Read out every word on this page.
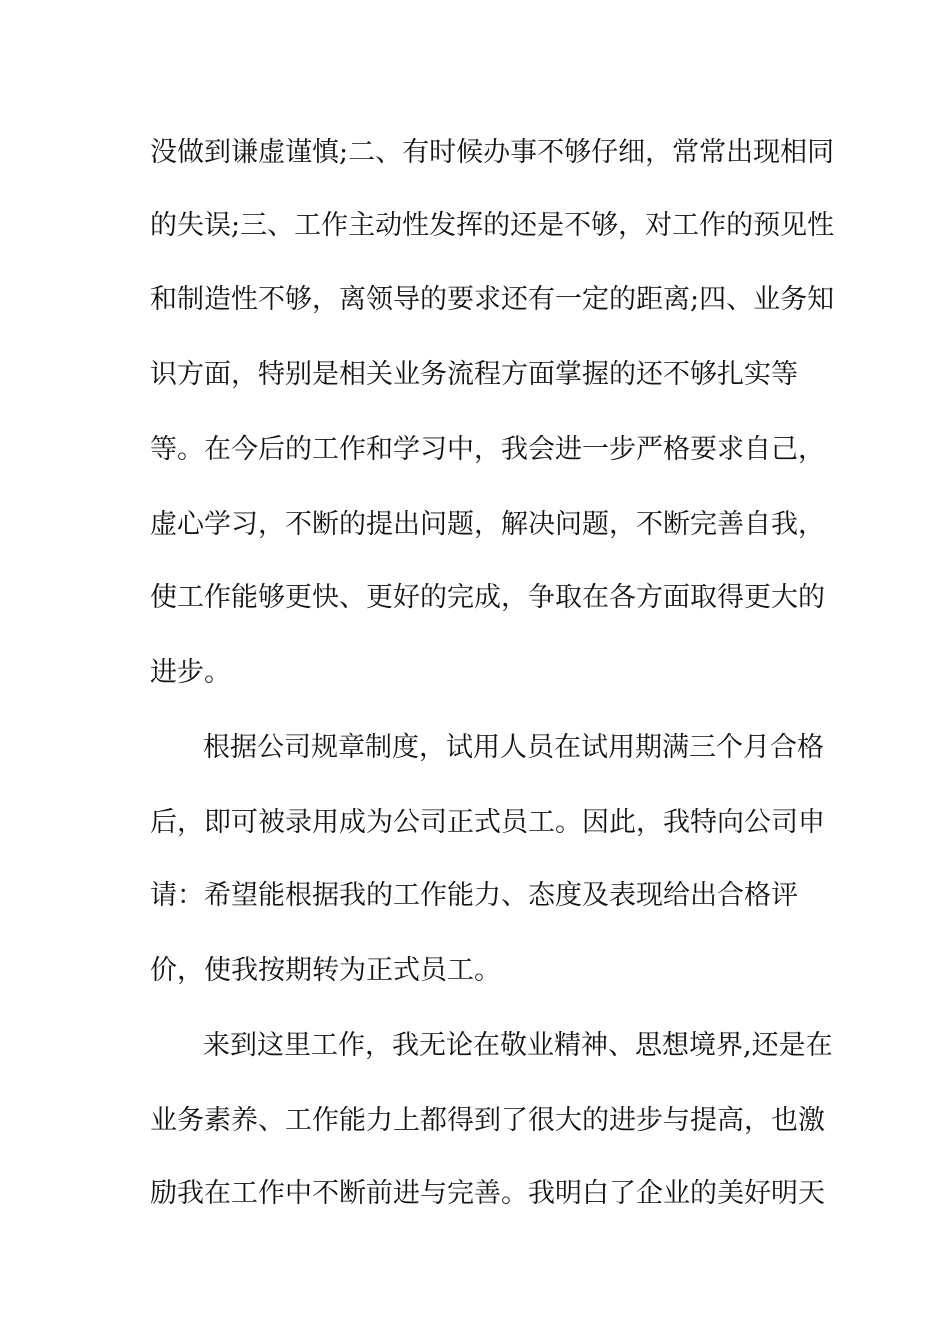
没做到谦虚谨慎;二、有时候办事不够仔细，常常出现相同
的失误;三、工作主动性发挥的还是不够，对工作的预见性
和制造性不够，离领导的要求还有一定的距离;四、业务知
识方面，特别是相关业务流程方面掌握的还不够扎实等
等。在今后的工作和学习中，我会进一步严格要求自己，
虚心学习，不断的提出问题，解决问题，不断完善自我，
使工作能够更快、更好的完成，争取在各方面取得更大的
进步。
根据公司规章制度，试用人员在试用期满三个月合格
后，即可被录用成为公司正式员工。因此，我特向公司申
请：希望能根据我的工作能力、态度及表现给出合格评
价，使我按期转为正式员工。
来到这里工作，我无论在敬业精神、思想境界,还是在
业务素养、工作能力上都得到了很大的进步与提高，也激
励我在工作中不断前进与完善。我明白了企业的美好明天
